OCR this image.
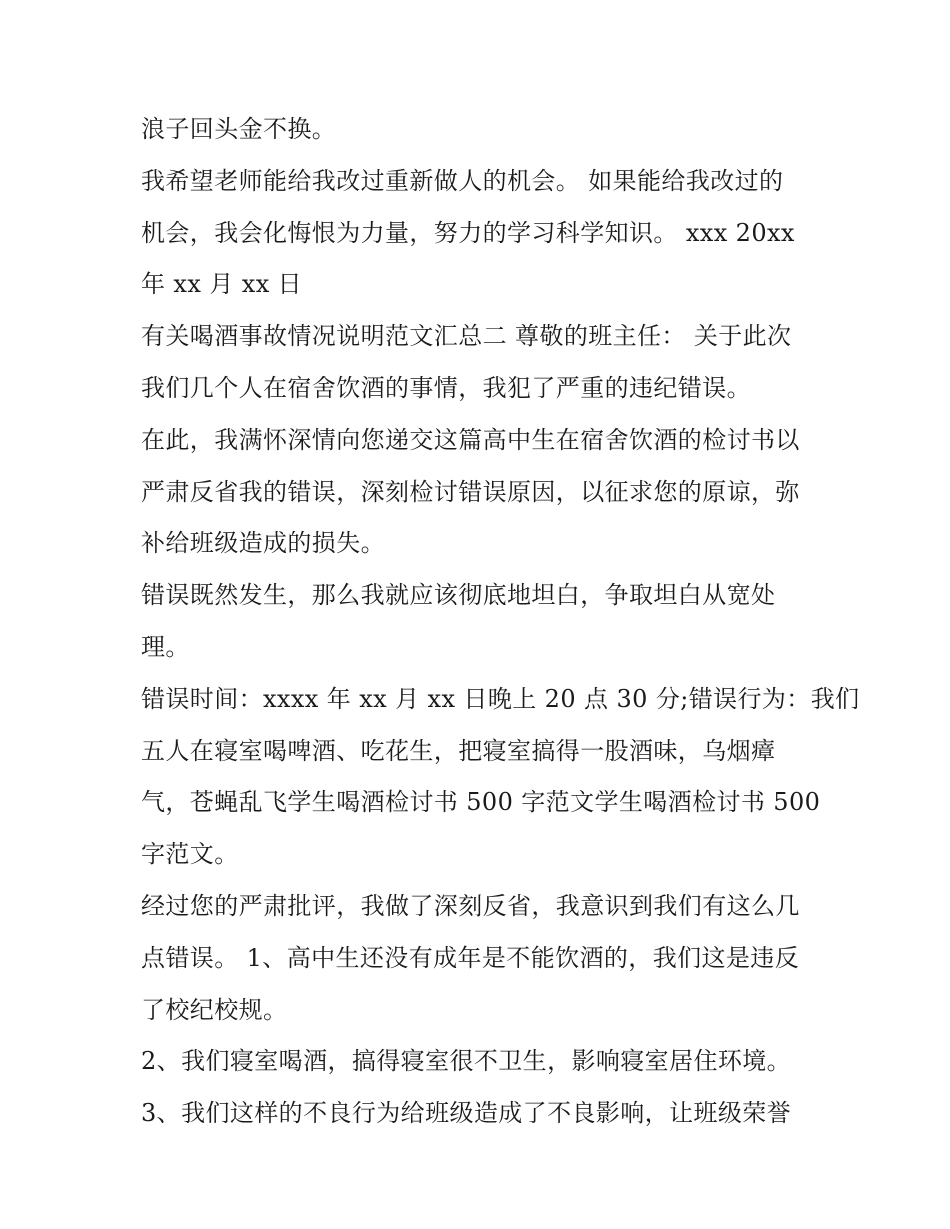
浪子回头金不换。
我希望老师能给我改过重新做人的机会。 如果能给我改过的
机会，我会化悔恨为力量，努力的学习科学知识。 xxx 20xx
年 xx 月 xx 日
有关喝酒事故情况说明范文汇总二 尊敬的班主任： 关于此次
我们几个人在宿舍饮酒的事情，我犯了严重的违纪错误。
在此，我满怀深情向您递交这篇高中生在宿舍饮酒的检讨书以
严肃反省我的错误，深刻检讨错误原因，以征求您的原谅，弥
补给班级造成的损失。
错误既然发生，那么我就应该彻底地坦白，争取坦白从宽处
理。
错误时间：xxxx 年 xx 月 xx 日晚上 20 点 30 分;错误行为：我们
五人在寝室喝啤酒、吃花生，把寝室搞得一股酒味，乌烟瘴
气，苍蝇乱飞学生喝酒检讨书 500 字范文学生喝酒检讨书 500
字范文。
经过您的严肃批评，我做了深刻反省，我意识到我们有这么几
点错误。 1、高中生还没有成年是不能饮酒的，我们这是违反
了校纪校规。
2、我们寝室喝酒，搞得寝室很不卫生，影响寝室居住环境。
3、我们这样的不良行为给班级造成了不良影响，让班级荣誉
